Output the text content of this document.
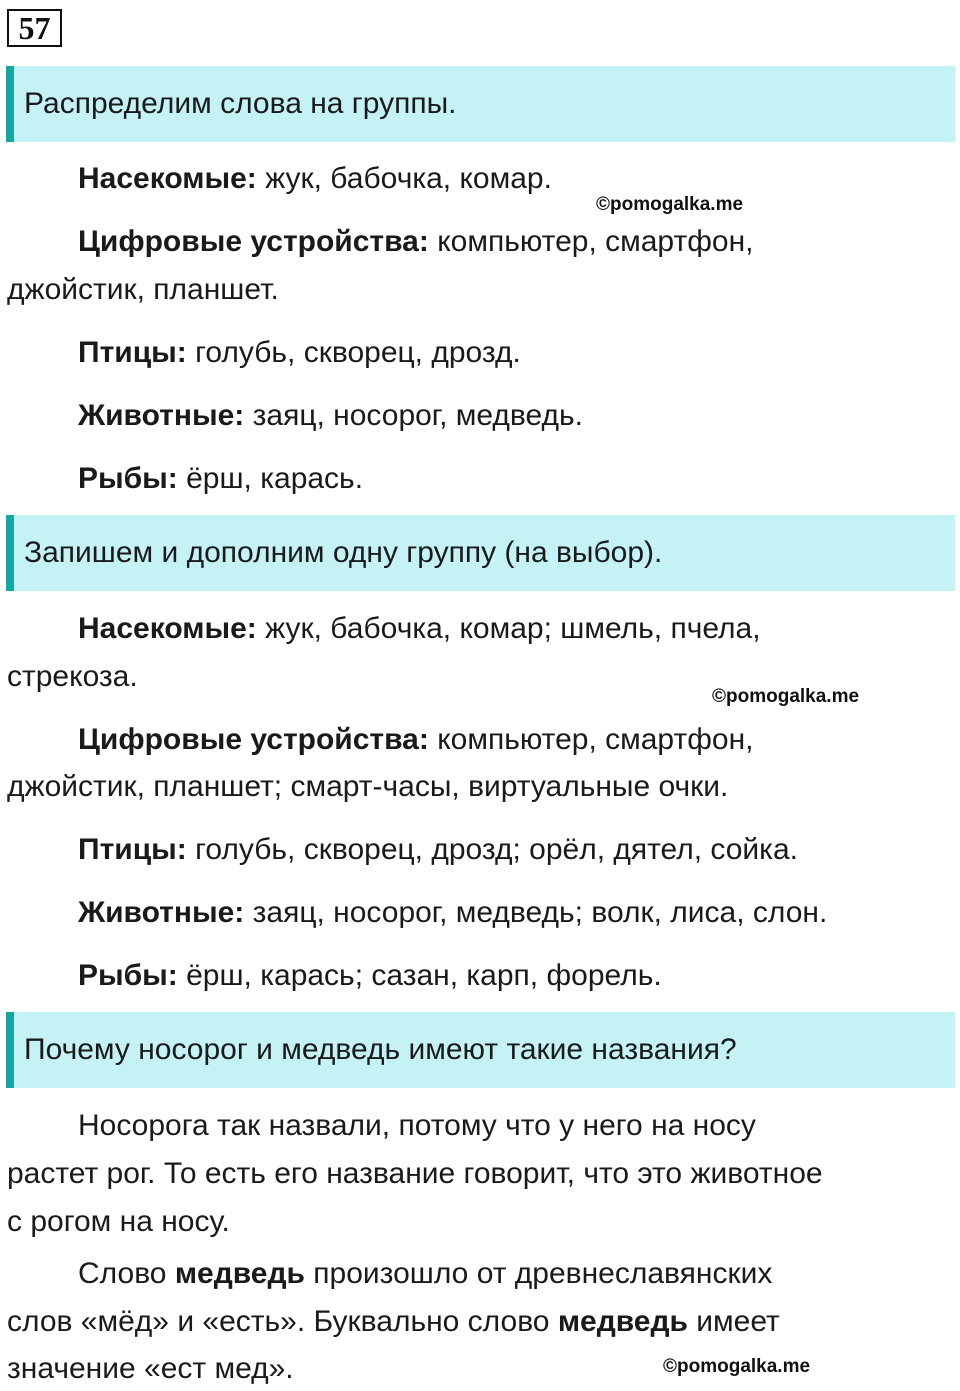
57
Распределим слова на группы.
Насекомые: жук, бабочка, комар.
©pomogalka.me
Цифровые устройства: компьютер, смартфон,
джойстик, планшет.
Птицы: голубь, скворец, дрозд.
Животные: заяц, носорог, медведь.
Рыбы: ёрш, карась.
Запишем и дополним одну группу (на выбор).
Насекомые: жук, бабочка, комар; шмель, пчела,
стрекоза.
©pomogalka.me
Цифровые устройства: компьютер, смартфон,
джойстик, планшет; смарт-часы, виртуальные очки.
Птицы: голубь, скворец, дрозд; орёл, дятел, сойка.
Животные: заяц, носорог, медведь; волк, лиса, слон.
Рыбы: ёрш, карась; сазан, карп, форель.
Почему носорог и медведь имеют такие названия?
Носорога так назвали, потому что у него на носу
растет рог. То есть его название говорит, что это животное
с рогом на носу.
Слово медведь произошло от древнеславянских
слов «мёд» и «есть». Буквально слово медведь имеет
значение «ест мед».	©pomogalka.me
